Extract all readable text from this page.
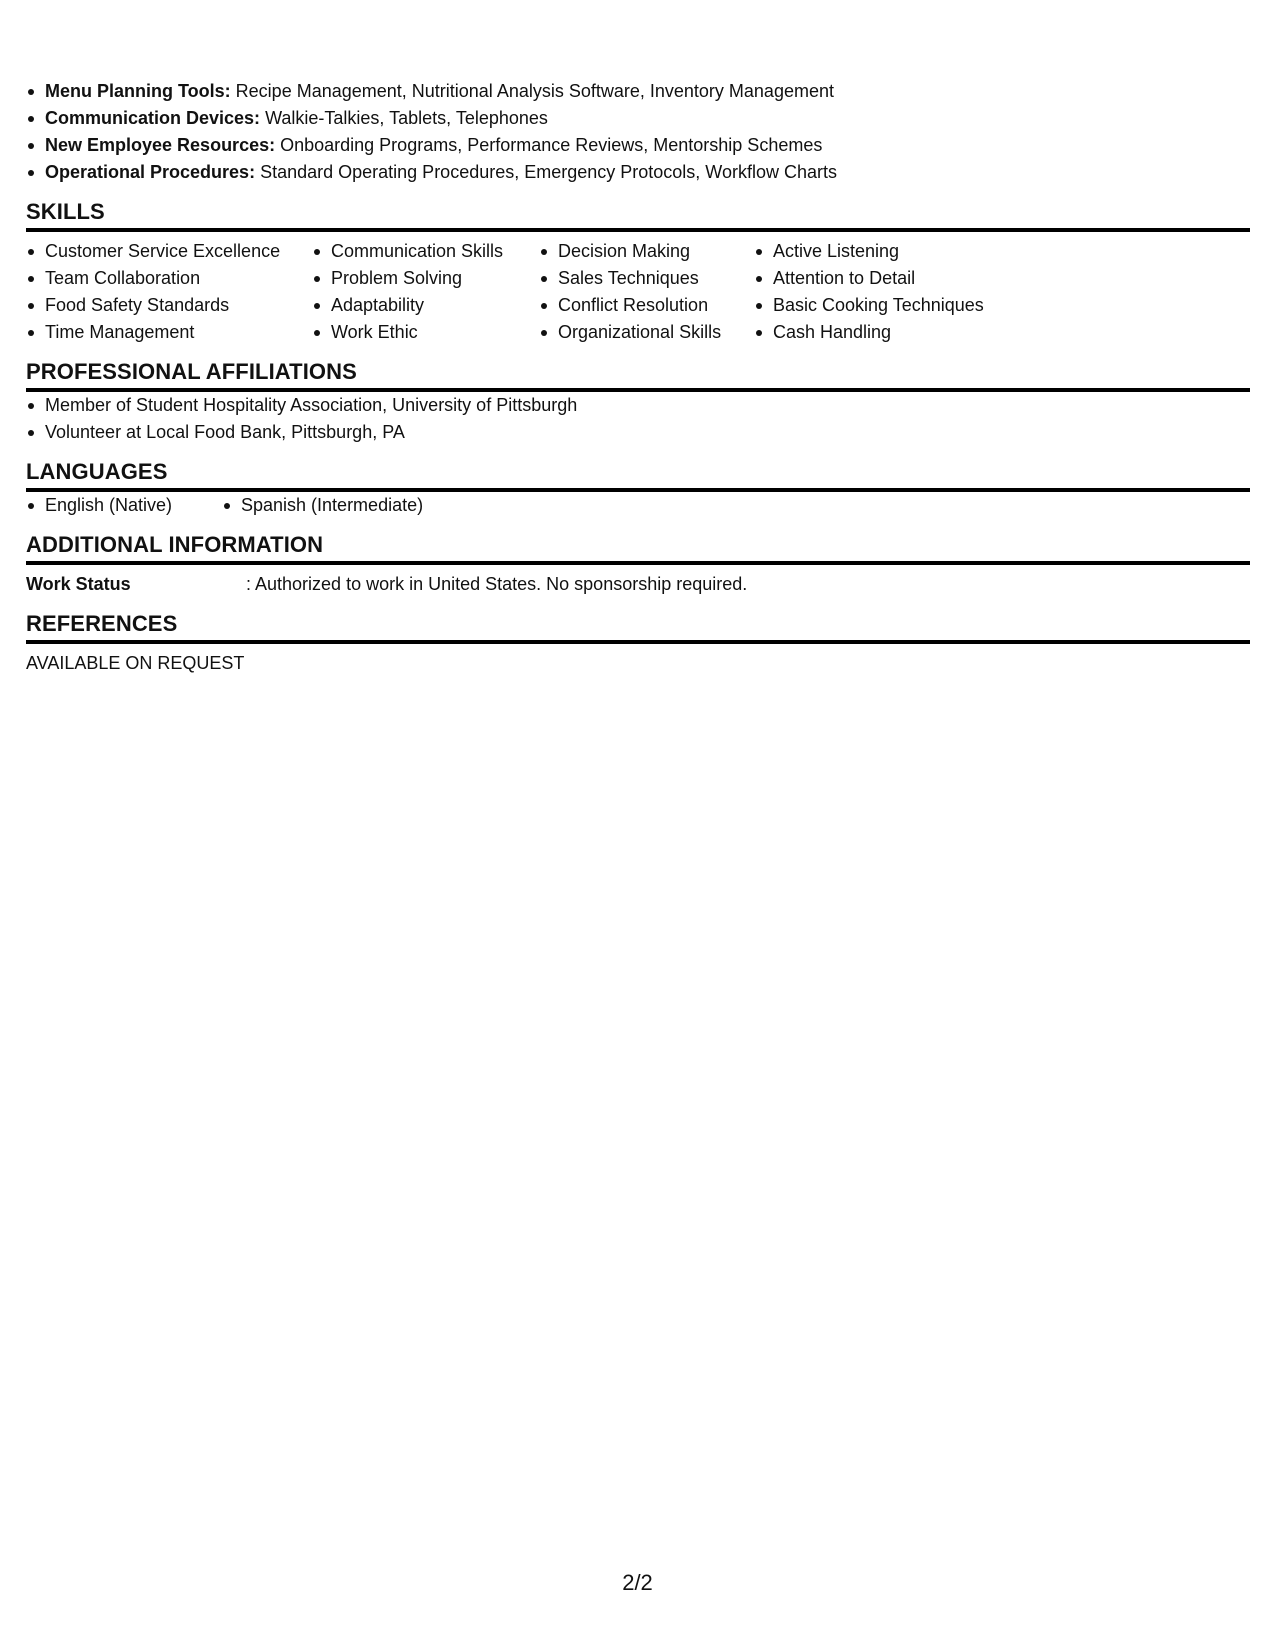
Menu Planning Tools: Recipe Management, Nutritional Analysis Software, Inventory Management
Communication Devices: Walkie-Talkies, Tablets, Telephones
New Employee Resources: Onboarding Programs, Performance Reviews, Mentorship Schemes
Operational Procedures: Standard Operating Procedures, Emergency Protocols, Workflow Charts
SKILLS
Customer Service Excellence
Team Collaboration
Food Safety Standards
Time Management
Communication Skills
Problem Solving
Adaptability
Work Ethic
Decision Making
Sales Techniques
Conflict Resolution
Organizational Skills
Active Listening
Attention to Detail
Basic Cooking Techniques
Cash Handling
PROFESSIONAL AFFILIATIONS
Member of Student Hospitality Association, University of Pittsburgh
Volunteer at Local Food Bank, Pittsburgh, PA
LANGUAGES
English (Native)	Spanish (Intermediate)
ADDITIONAL INFORMATION
Work Status	: Authorized to work in United States. No sponsorship required.
REFERENCES
AVAILABLE ON REQUEST
2/2
